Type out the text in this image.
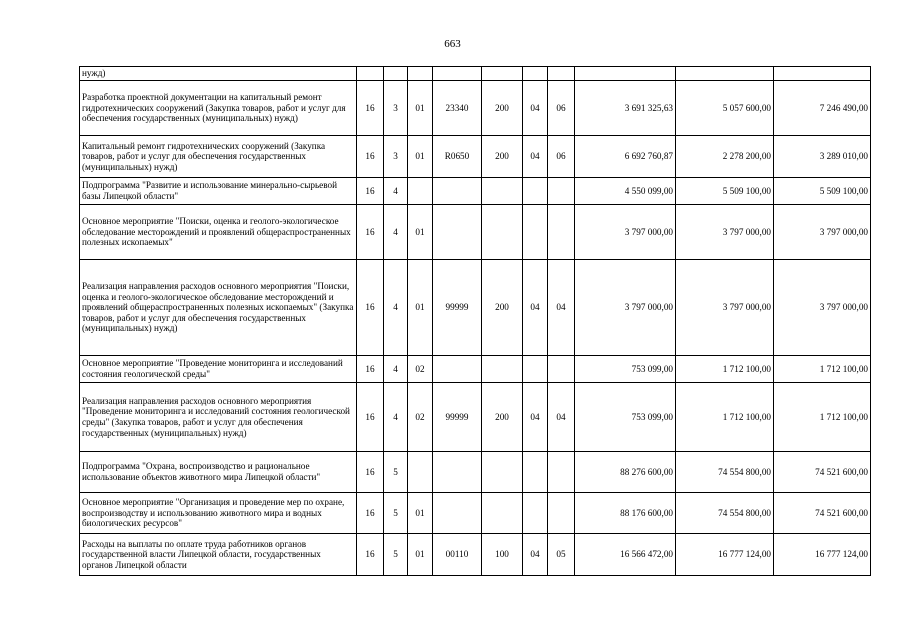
663
нужд)										
Разработка проектной документации на капитальный ремонт гидротехнических сооружений (Закупка товаров, работ и услуг для обеспечения государственных (муниципальных) нужд)	16	3	01	23340	200	04	06	3 691 325,63	5 057 600,00	7 246 490,00
Капитальный ремонт гидротехнических сооружений (Закупка товаров, работ и услуг для обеспечения государственных (муниципальных) нужд)	16	3	01	R0650	200	04	06	6 692 760,87	2 278 200,00	3 289 010,00
Подпрограмма "Развитие и использование минерально-сырьевой базы Липецкой области"	16	4						4 550 099,00	5 509 100,00	5 509 100,00
Основное мероприятие "Поиски, оценка и геолого-экологическое обследование месторождений и проявлений общераспространенных полезных ископаемых"	16	4	01					3 797 000,00	3 797 000,00	3 797 000,00
Реализация направления расходов основного мероприятия "Поиски, оценка и геолого-экологическое обследование месторождений и проявлений общераспространенных полезных ископаемых" (Закупка товаров, работ и услуг для обеспечения государственных (муниципальных) нужд)	16	4	01	99999	200	04	04	3 797 000,00	3 797 000,00	3 797 000,00
Основное мероприятие "Проведение мониторинга и исследований состояния геологической среды"	16	4	02					753 099,00	1 712 100,00	1 712 100,00
Реализация направления расходов основного мероприятия "Проведение мониторинга и исследований состояния геологической среды" (Закупка товаров, работ и услуг для обеспечения государственных (муниципальных) нужд)	16	4	02	99999	200	04	04	753 099,00	1 712 100,00	1 712 100,00
Подпрограмма "Охрана, воспроизводство и рациональное использование объектов животного мира Липецкой области"	16	5						88 276 600,00	74 554 800,00	74 521 600,00
Основное мероприятие "Организация и проведение мер по охране, воспроизводству и использованию животного мира и водных биологических ресурсов"	16	5	01					88 176 600,00	74 554 800,00	74 521 600,00
Расходы на выплаты по оплате труда работников органов государственной власти Липецкой области, государственных органов Липецкой области	16	5	01	00110	100	04	05	16 566 472,00	16 777 124,00	16 777 124,00
